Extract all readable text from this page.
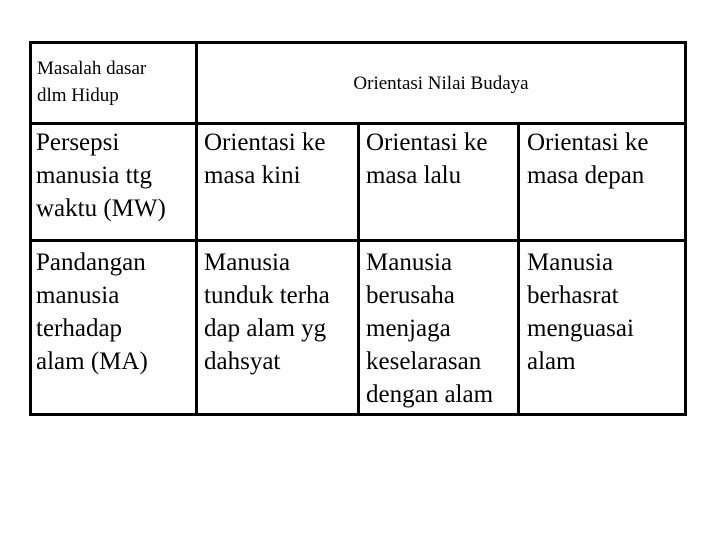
Masalah dasar
dlm Hidup
Orientasi Nilai Budaya
Persepsi
manusia ttg
waktu (MW)
Orientasi ke
masa kini
Orientasi ke
masa lalu
Orientasi ke
masa depan
Pandangan
manusia
terhadap
alam (MA)
Manusia
tunduk terha
dap alam yg
dahsyat
Manusia
berusaha
menjaga
keselarasan
dengan alam
Manusia
berhasrat
menguasai
alam
